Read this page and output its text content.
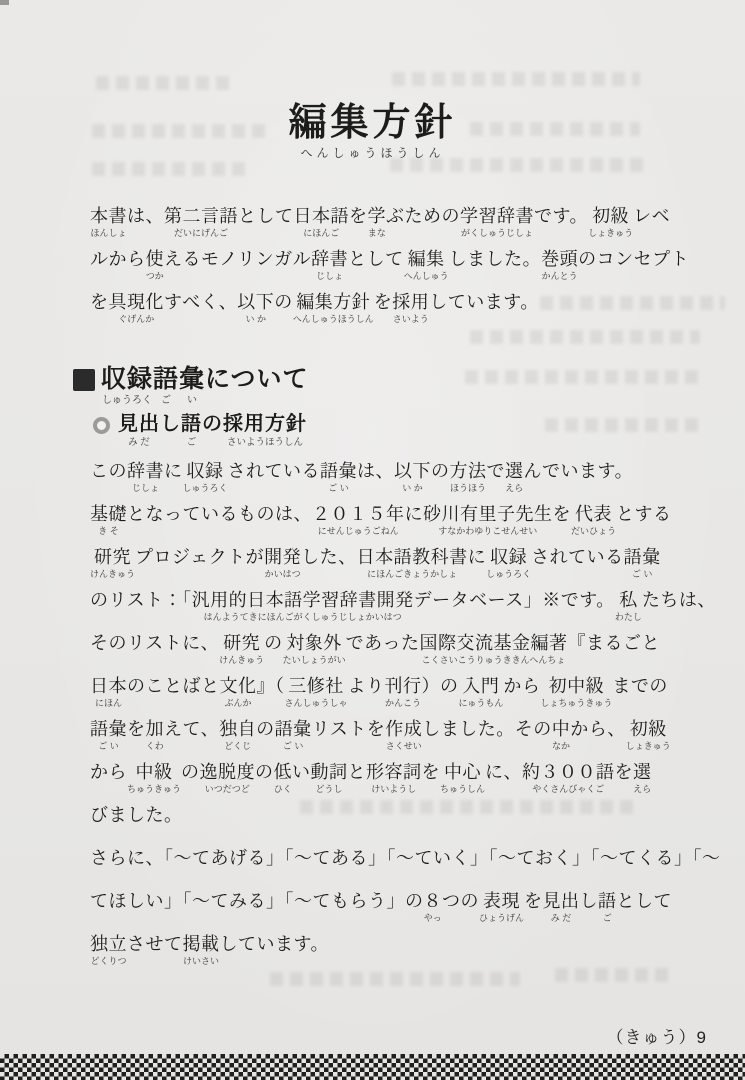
編集方針
へんしゅうほうしん
本書
ほんしょ
は、
第二言語
だいにげんご
として
日本語
にほんご
を
学
まな
ぶための
学習辞書
がくしゅうじしょ
です。
初級
しょきゅう
レベ

ルから
使
つか
えるモノリンガル
辞書
じしょ
として
編集
へんしゅう
しました。
巻頭
かんとう
のコンセプト

を
具現化
ぐげんか
すべく、
以下
い か
の
編集方針
へんしゅうほうしん
を
採用
さいよう
しています。

収録
しゅうろく
語
ご
彙
い
について

見出
み だ
し
語
ご
の
採用方針
さいようほうしん
この
辞書
じしょ
に
収録
しゅうろく
されている
語彙
ご い
は、
以下
い か
の
方法
ほうほう
で
選
えら
んでいます。

基礎
き そ
となっているものは、
２０１５年
にせんじゅうごねん
に
砂川有里子先生
すなかわゆりこせんせい
を
代表
だいひょう
とする

研究
けんきゅう
プロジェクトが
開発
かいはつ
した、
日本語教科書
にほんごきょうかしょ
に
収録
しゅうろく
されている
語彙
ご い
のリスト：「
汎用的日本語学習辞書開発
はんようてきにほんごがくしゅうじしょかいはつ
データベース」※です。
私
わたし
たちは、

そのリストに、
研究
けんきゅう
の
対象外
たいしょうがい
であった
国際交流基金編著
こくさいこうりゅうききんへんちょ
『まるごと

日本
にほん
のことばと
文化
ぶんか
』（
三修社
さんしゅうしゃ
より
刊行
かんこう
）の
入門
にゅうもん
から
初中級
しょちゅうきゅう
までの

語彙
ご い
を
加
くわ
えて、
独自
どくじ
の
語彙
ご い
リストを
作成
さくせい
しました。その
中
なか
から、
初級
しょきゅう
から
中級
ちゅうきゅう
の
逸脱度
いつだつど
の
低
ひく
い
動詞
どうし
と
形容詞
けいようし
を
中心
ちゅうしん
に、
約３００語
やくさんびゃくご
を
選
えら
びました。

さらに、「〜てあげる」「〜てある」「〜ていく」「〜ておく」「〜てくる」「〜

てほしい」「〜てみる」「〜てもらう」の
８
やっ
つの
表現
ひょうげん
を
見出
み だ
し
語
ご
として

独立
どくりつ
させて
掲載
けいさい
しています。

（きゅう）9
